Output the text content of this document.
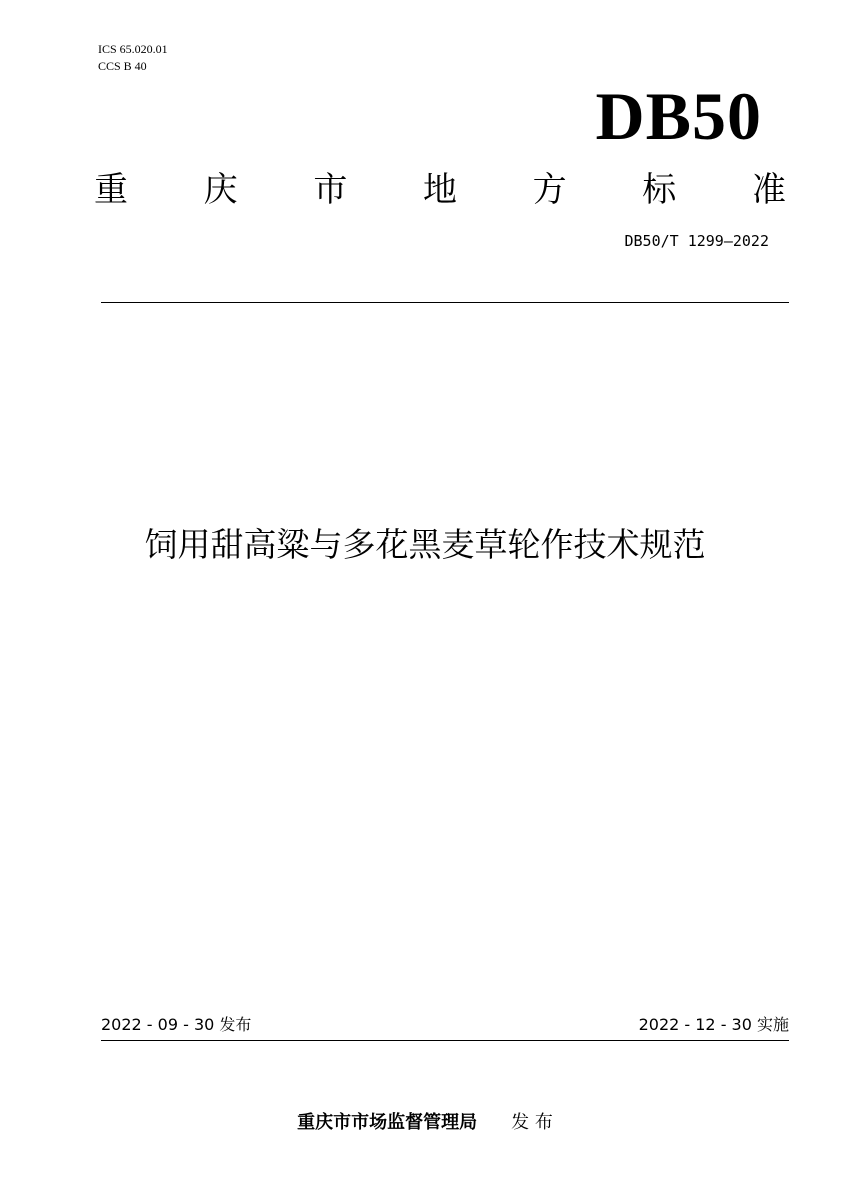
ICS 65.020.01
CCS B 40
DB50
重 庆 市 地 方 标 准
DB50/T 1299—2022
饲用甜高粱与多花黑麦草轮作技术规范
2022 - 09 - 30 发布	2022 - 12 - 30 实施
重庆市市场监督管理局 发 布
